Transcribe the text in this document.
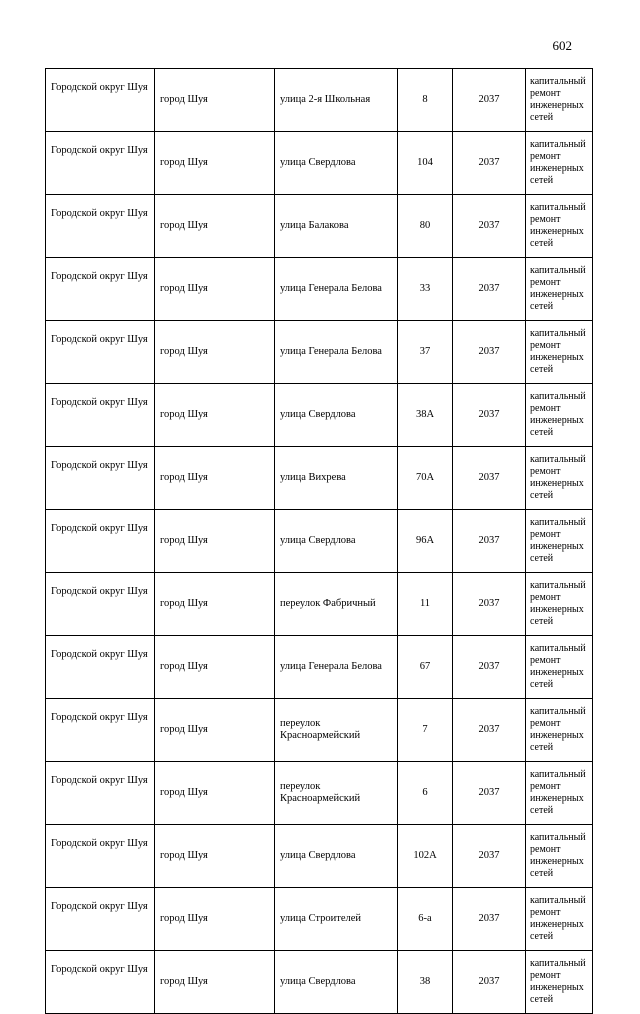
602
Городской округ Шуя	город Шуя	улица 2-я Школьная	8	2037	капитальный ремонт инженерных сетей
Городской округ Шуя	город Шуя	улица Свердлова	104	2037	капитальный ремонт инженерных сетей
Городской округ Шуя	город Шуя	улица Балакова	80	2037	капитальный ремонт инженерных сетей
Городской округ Шуя	город Шуя	улица Генерала Белова	33	2037	капитальный ремонт инженерных сетей
Городской округ Шуя	город Шуя	улица Генерала Белова	37	2037	капитальный ремонт инженерных сетей
Городской округ Шуя	город Шуя	улица Свердлова	38А	2037	капитальный ремонт инженерных сетей
Городской округ Шуя	город Шуя	улица Вихрева	70А	2037	капитальный ремонт инженерных сетей
Городской округ Шуя	город Шуя	улица Свердлова	96А	2037	капитальный ремонт инженерных сетей
Городской округ Шуя	город Шуя	переулок Фабричный	11	2037	капитальный ремонт инженерных сетей
Городской округ Шуя	город Шуя	улица Генерала Белова	67	2037	капитальный ремонт инженерных сетей
Городской округ Шуя	город Шуя	переулок Красноармейский	7	2037	капитальный ремонт инженерных сетей
Городской округ Шуя	город Шуя	переулок Красноармейский	6	2037	капитальный ремонт инженерных сетей
Городской округ Шуя	город Шуя	улица Свердлова	102А	2037	капитальный ремонт инженерных сетей
Городской округ Шуя	город Шуя	улица Строителей	6-а	2037	капитальный ремонт инженерных сетей
Городской округ Шуя	город Шуя	улица Свердлова	38	2037	капитальный ремонт инженерных сетей
